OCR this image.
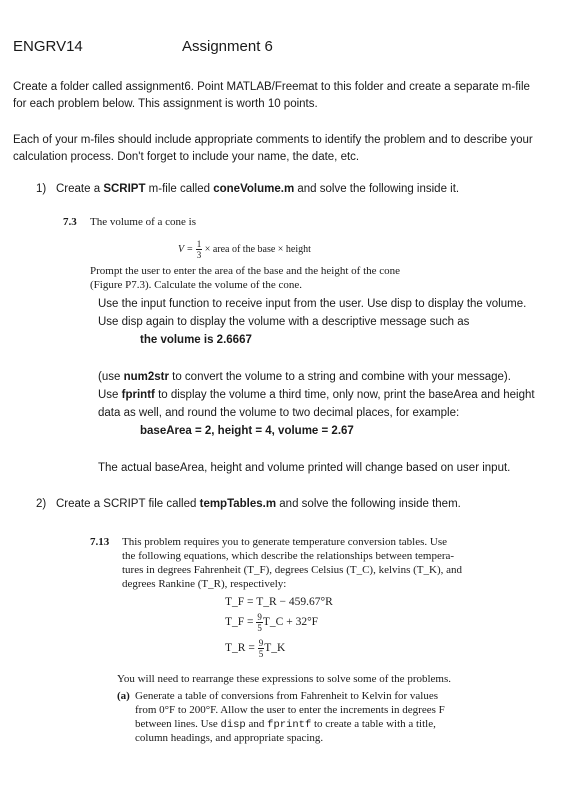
ENGRV14	Assignment 6
Create a folder called assignment6. Point MATLAB/Freemat to this folder and create a separate m-file
for each problem below. This assignment is worth 10 points.
Each of your m-files should include appropriate comments to identify the problem and to describe your
calculation process. Don't forget to include your name, the date, etc.
1) Create a SCRIPT m-file called coneVolume.m and solve the following inside it.
7.3 The volume of a cone is
$V = \frac{1}{3}$ × area of the base × height
Prompt the user to enter the area of the base and the height of the cone
(Figure P7.3). Calculate the volume of the cone.
Use the input function to receive input from the user. Use disp to display the volume.
Use disp again to display the volume with a descriptive message such as
the volume is 2.6667
(use num2str to convert the volume to a string and combine with your message).
Use fprintf to display the volume a third time, only now, print the baseArea and height
data as well, and round the volume to two decimal places, for example:
baseArea = 2, height = 4, volume = 2.67
The actual baseArea, height and volume printed will change based on user input.
2) Create a SCRIPT file called tempTables.m and solve the following inside them.
7.13 This problem requires you to generate temperature conversion tables. Use
the following equations, which describe the relationships between tempera-
tures in degrees Fahrenheit (T_F), degrees Celsius (T_C), kelvins (T_K), and
degrees Rankine (T_R), respectively:
T_F = T_R − 459.67°R
T_F = $\frac{9}{5}$ T_C + 32°F
T_R = $\frac{9}{5}$ T_K
You will need to rearrange these expressions to solve some of the problems.
(a) Generate a table of conversions from Fahrenheit to Kelvin for values
from 0°F to 200°F. Allow the user to enter the increments in degrees F
between lines. Use disp and fprintf to create a table with a title,
column headings, and appropriate spacing.
